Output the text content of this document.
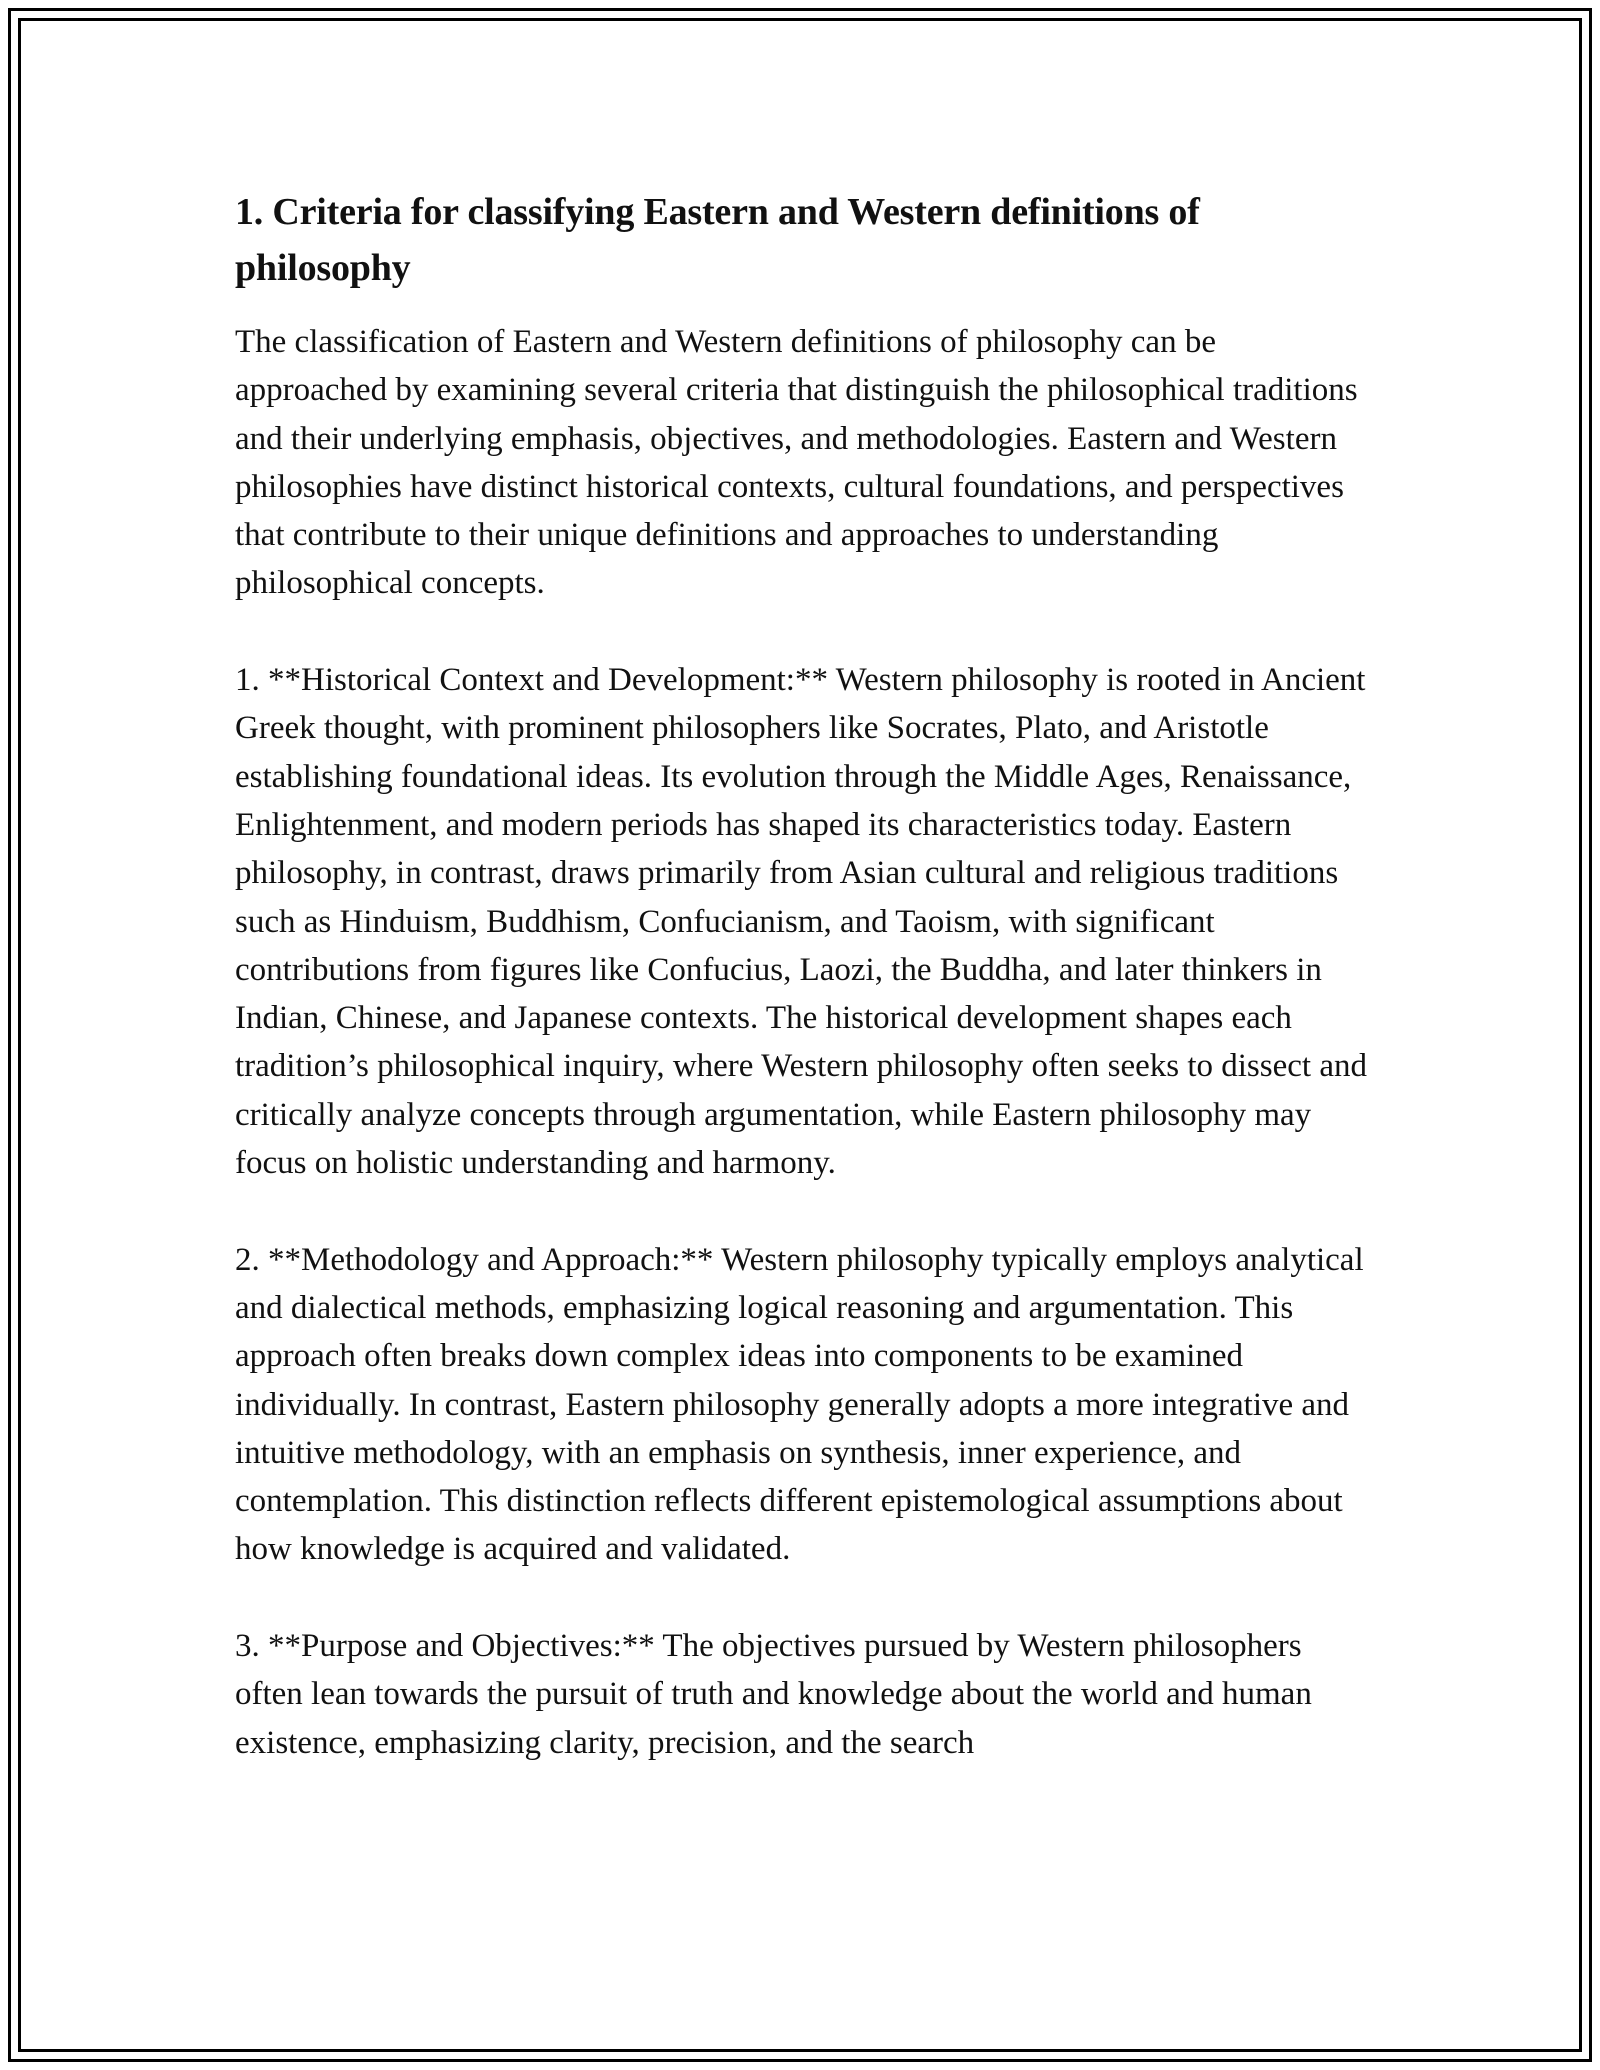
1. Criteria for classifying Eastern and Western definitions of philosophy

The classification of Eastern and Western definitions of philosophy can be approached by examining several criteria that distinguish the philosophical traditions and their underlying emphasis, objectives, and methodologies. Eastern and Western philosophies have distinct historical contexts, cultural foundations, and perspectives that contribute to their unique definitions and approaches to understanding philosophical concepts.

1. **Historical Context and Development:** Western philosophy is rooted in Ancient Greek thought, with prominent philosophers like Socrates, Plato, and Aristotle establishing foundational ideas. Its evolution through the Middle Ages, Renaissance, Enlightenment, and modern periods has shaped its characteristics today. Eastern philosophy, in contrast, draws primarily from Asian cultural and religious traditions such as Hinduism, Buddhism, Confucianism, and Taoism, with significant contributions from figures like Confucius, Laozi, the Buddha, and later thinkers in Indian, Chinese, and Japanese contexts. The historical development shapes each tradition’s philosophical inquiry, where Western philosophy often seeks to dissect and critically analyze concepts through argumentation, while Eastern philosophy may focus on holistic understanding and harmony.

2. **Methodology and Approach:** Western philosophy typically employs analytical and dialectical methods, emphasizing logical reasoning and argumentation. This approach often breaks down complex ideas into components to be examined individually. In contrast, Eastern philosophy generally adopts a more integrative and intuitive methodology, with an emphasis on synthesis, inner experience, and contemplation. This distinction reflects different epistemological assumptions about how knowledge is acquired and validated.

3. **Purpose and Objectives:** The objectives pursued by Western philosophers often lean towards the pursuit of truth and knowledge about the world and human existence, emphasizing clarity, precision, and the search
